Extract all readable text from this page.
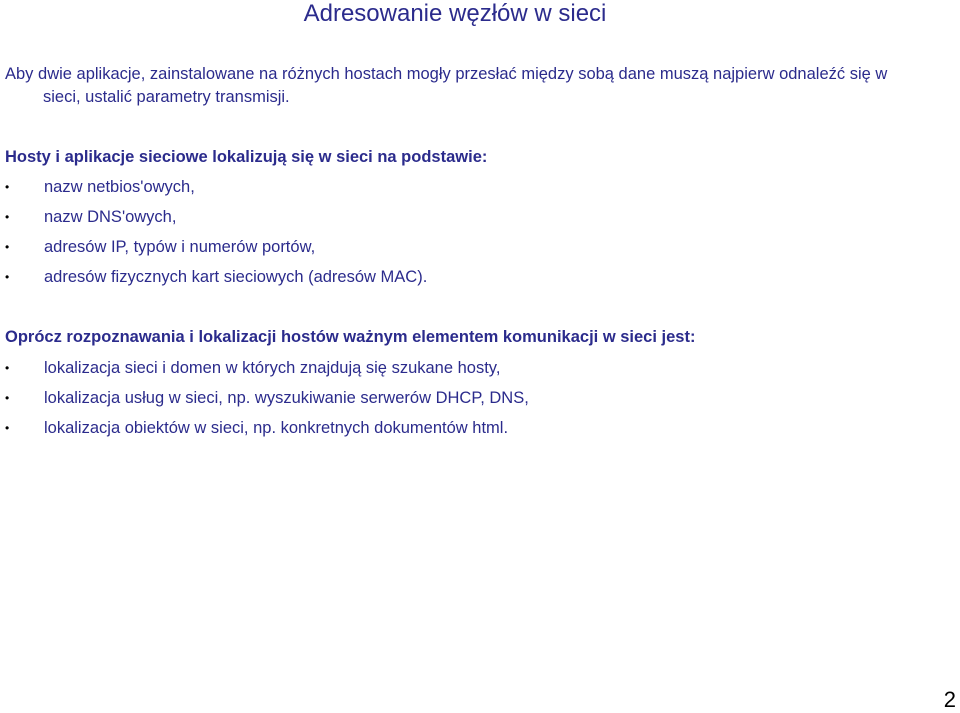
Adresowanie węzłów w sieci

Aby dwie aplikacje, zainstalowane na różnych hostach mogły przesłać między sobą dane muszą najpierw odnaleźć się w
sieci, ustalić parametry transmisji.

Hosty i aplikacje sieciowe lokalizują się w sieci na podstawie:

• nazw netbios'owych,
• nazw DNS'owych,
• adresów IP, typów i numerów portów,
• adresów fizycznych kart sieciowych (adresów MAC).

Oprócz rozpoznawania i lokalizacji hostów ważnym elementem komunikacji w sieci jest:

• lokalizacja sieci i domen w których znajdują się szukane hosty,
• lokalizacja usług w sieci, np. wyszukiwanie serwerów DHCP, DNS,
• lokalizacja obiektów w sieci, np. konkretnych dokumentów html.
2
